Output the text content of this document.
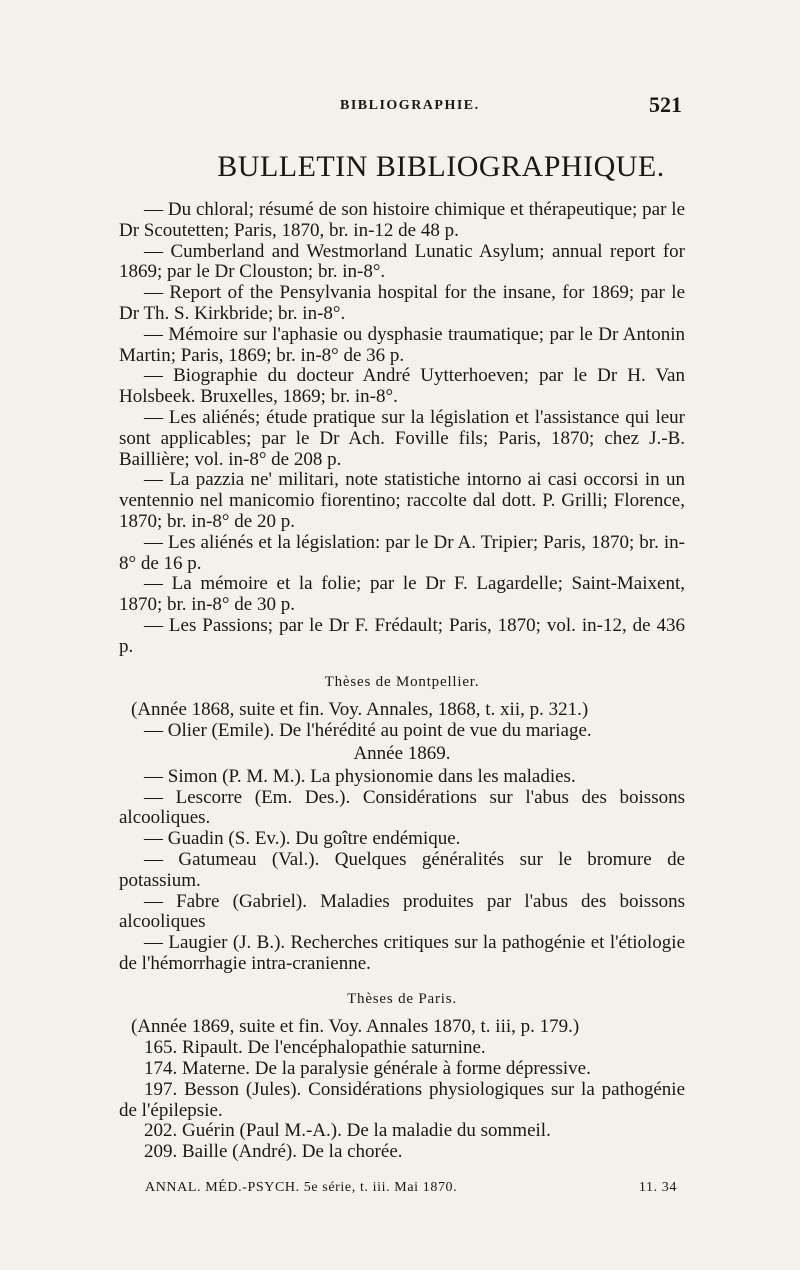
BIBLIOGRAPHIE.	521
BULLETIN BIBLIOGRAPHIQUE.

— Du chloral; résumé de son histoire chimique et thérapeutique; par le Dr Scoutetten; Paris, 1870, br. in-12 de 48 p.

— Cumberland and Westmorland Lunatic Asylum; annual report for 1869; par le Dr Clouston; br. in-8°.

— Report of the Pensylvania hospital for the insane, for 1869; par le Dr Th. S. Kirkbride; br. in-8°.

— Mémoire sur l'aphasie ou dysphasie traumatique; par le Dr Antonin Martin; Paris, 1869; br. in-8° de 36 p.

— Biographie du docteur André Uytterhoeven; par le Dr H. Van Holsbeek. Bruxelles, 1869; br. in-8°.

— Les aliénés; étude pratique sur la législation et l'assistance qui leur sont applicables; par le Dr Ach. Foville fils; Paris, 1870; chez J.-B. Baillière; vol. in-8° de 208 p.

— La pazzia ne' militari, note statistiche intorno ai casi occorsi in un ventennio nel manicomio fiorentino; raccolte dal dott. P. Grilli; Florence, 1870; br. in-8° de 20 p.

— Les aliénés et la législation: par le Dr A. Tripier; Paris, 1870; br. in-8° de 16 p.

— La mémoire et la folie; par le Dr F. Lagardelle; Saint-Maixent, 1870; br. in-8° de 30 p.

— Les Passions; par le Dr F. Frédault; Paris, 1870; vol. in-12, de 436 p.

Thèses de Montpellier.

(Année 1868, suite et fin. Voy. Annales, 1868, t. xii, p. 321.)

— Olier (Emile). De l'hérédité au point de vue du mariage.

Année 1869.

— Simon (P. M. M.). La physionomie dans les maladies.

— Lescorre (Em. Des.). Considérations sur l'abus des boissons alcooliques.

— Guadin (S. Ev.). Du goître endémique.

— Gatumeau (Val.). Quelques généralités sur le bromure de potassium.

— Fabre (Gabriel). Maladies produites par l'abus des boissons alcooliques

— Laugier (J. B.). Recherches critiques sur la pathogénie et l'étiologie de l'hémorrhagie intra-cranienne.

Thèses de Paris.

(Année 1869, suite et fin. Voy. Annales 1870, t. iii, p. 179.)

165. Ripault. De l'encéphalopathie saturnine.

174. Materne. De la paralysie générale à forme dépressive.

197. Besson (Jules). Considérations physiologiques sur la pathogénie de l'épilepsie.

202. Guérin (Paul M.-A.). De la maladie du sommeil.

209. Baille (André). De la chorée.

ANNAL. MÉD.-PSYCH. 5e série, t. iii. Mai 1870.	11. 34
